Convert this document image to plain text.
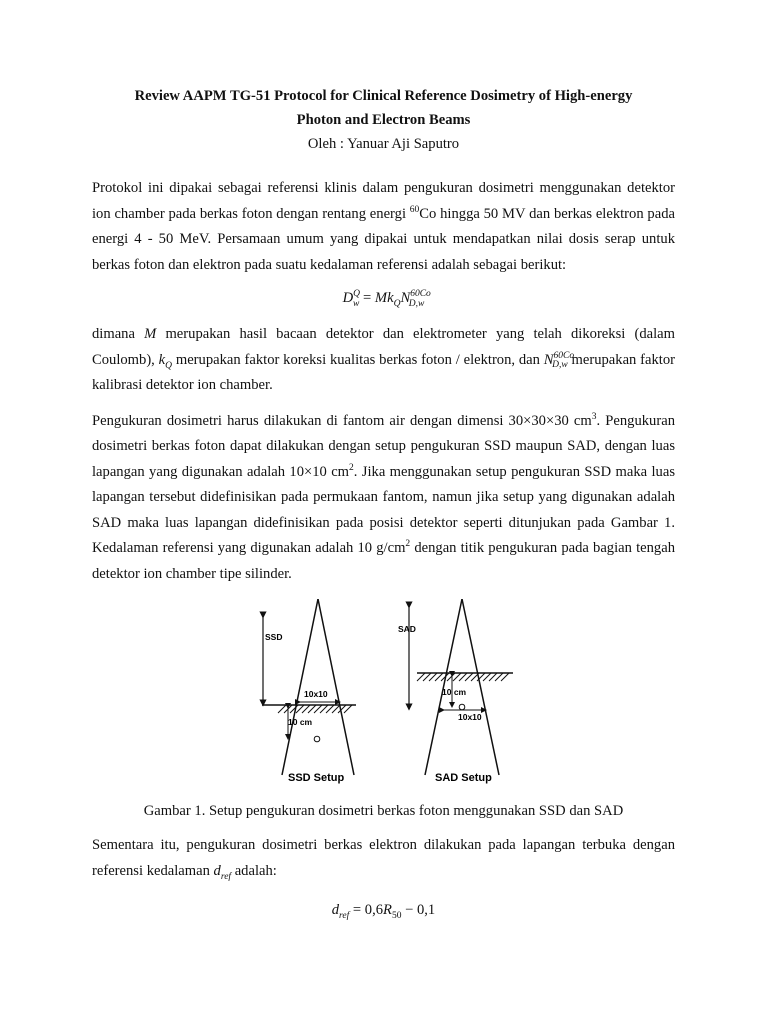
Review AAPM TG-51 Protocol for Clinical Reference Dosimetry of High-energy

Photon and Electron Beams

Oleh : Yanuar Aji Saputro

Protokol ini dipakai sebagai referensi klinis dalam pengukuran dosimetri menggunakan detektor ion chamber pada berkas foton dengan rentang energi $^{60}$Co hingga 50 MV dan berkas elektron pada energi 4 - 50 MeV. Persamaan umum yang dipakai untuk mendapatkan nilai dosis serap untuk berkas foton dan elektron pada suatu kedalaman referensi adalah sebagai berikut:

$D^Q_w = Mk_QN^{60Co}_{D,w}$

dimana M merupakan hasil bacaan detektor dan elektrometer yang telah dikoreksi (dalam Coulomb), $k_Q$ merupakan faktor koreksi kualitas berkas foton / elektron, dan $N^{60Co}_{D,w}$ merupakan faktor kalibrasi detektor ion chamber.

Pengukuran dosimetri harus dilakukan di fantom air dengan dimensi 30×30×30 $cm^3$. Pengukuran dosimetri berkas foton dapat dilakukan dengan setup pengukuran SSD maupun SAD, dengan luas lapangan yang digunakan adalah 10×10 $cm^2$. Jika menggunakan setup pengukuran SSD maka luas lapangan tersebut didefinisikan pada permukaan fantom, namun jika setup yang digunakan adalah SAD maka luas lapangan didefinisikan pada posisi detektor seperti ditunjukan pada Gambar 1. Kedalaman referensi yang digunakan adalah 10 $g/cm^2$ dengan titik pengukuran pada bagian tengah detektor ion chamber tipe silinder.

SSD
10x10
10 cm
SSD Setup
SAD
10 cm
10x10
SAD Setup

Gambar 1. Setup pengukuran dosimetri berkas foton menggunakan SSD dan SAD

Sementara itu, pengukuran dosimetri berkas elektron dilakukan pada lapangan terbuka dengan referensi kedalaman $d_{ref}$ adalah:

$d_{ref} = 0,6R_{50} - 0,1$
